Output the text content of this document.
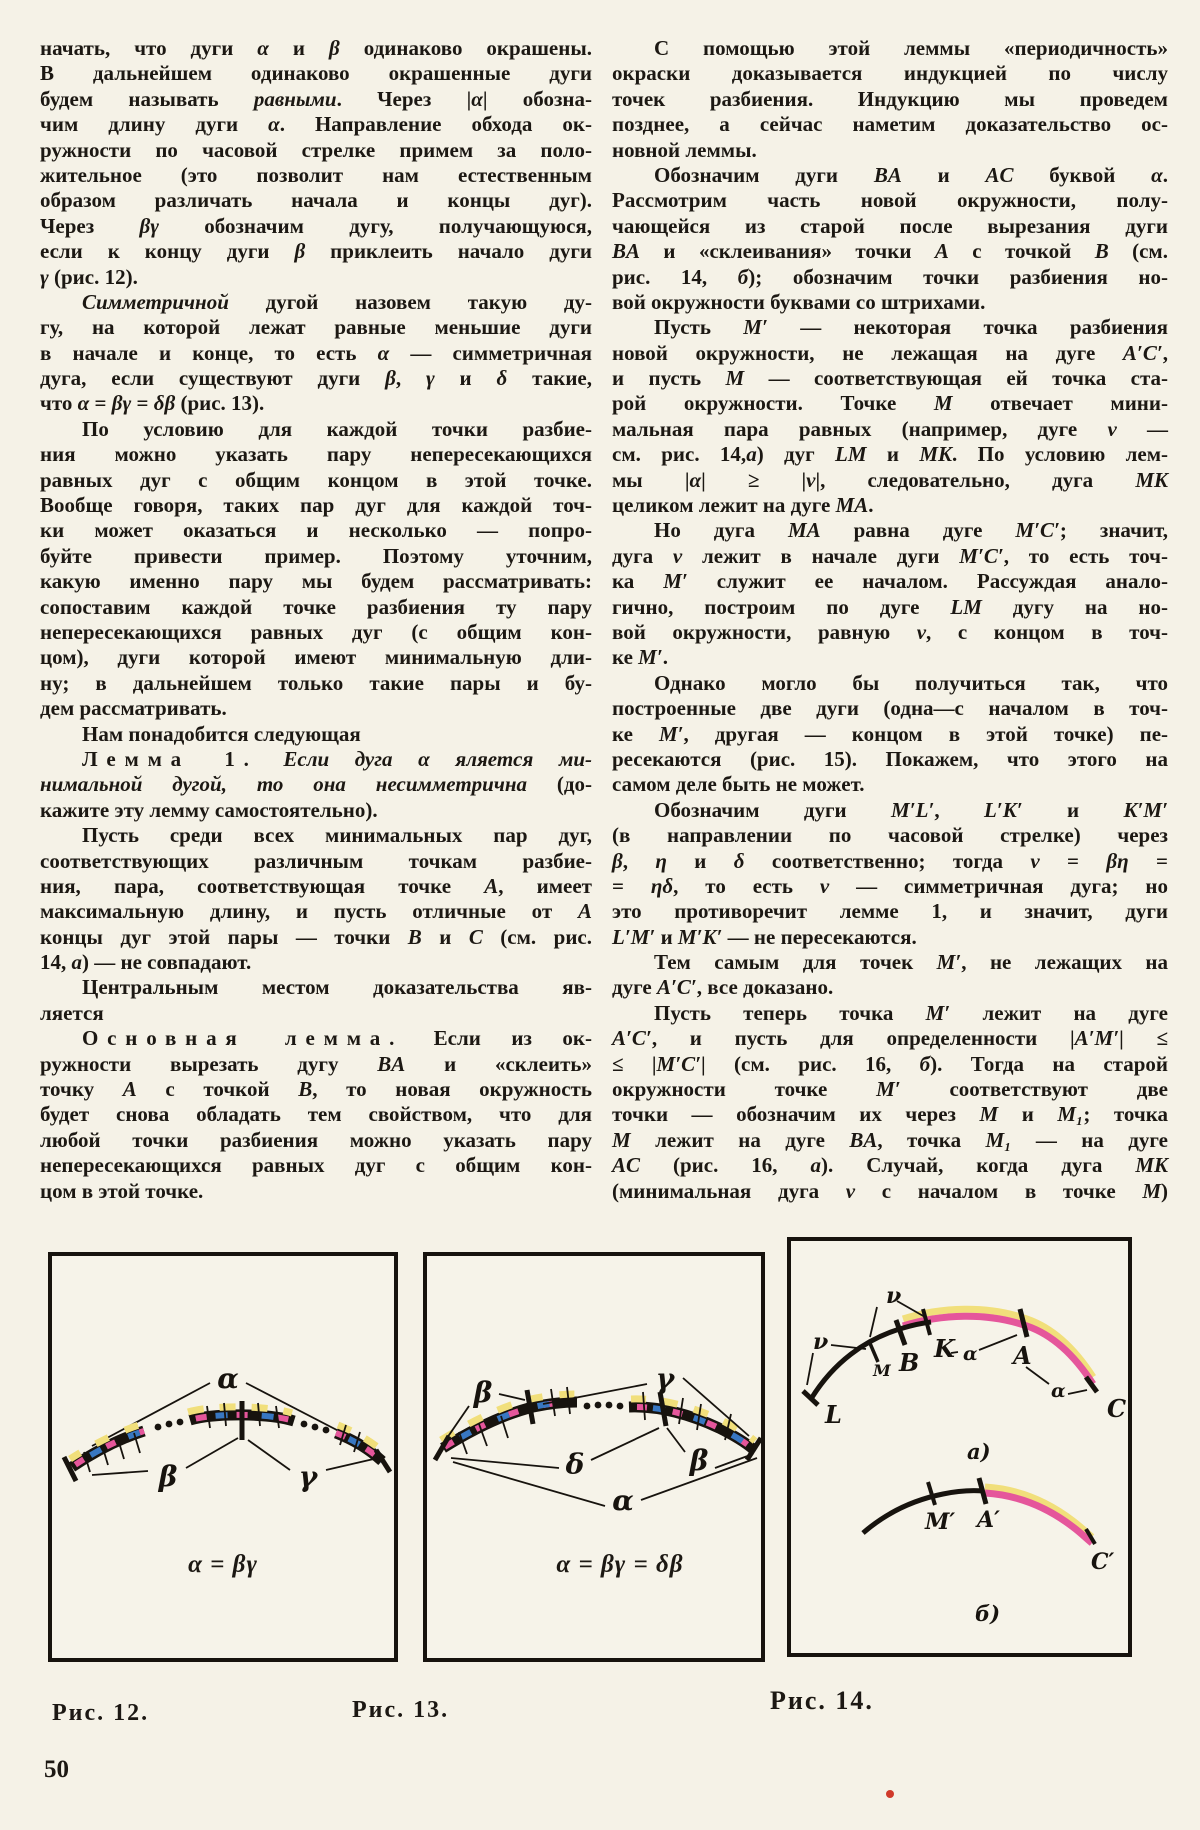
начать, что дуги α и β одинаково окрашены.
В дальнейшем одинаково окрашенные дуги
будем называть равными. Через |α| обозна-
чим длину дуги α. Направление обхода ок-
ружности по часовой стрелке примем за поло-
жительное (это позволит нам естественным
образом различать начала и концы дуг).
Через βγ обозначим дугу, получающуюся,
если к концу дуги β приклеить начало дуги
γ (рис. 12).
Симметричной дугой назовем такую ду-
гу, на которой лежат равные меньшие дуги
в начале и конце, то есть α — симметричная
дуга, если существуют дуги β, γ и δ такие,
что α = βγ = δβ (рис. 13).
По условию для каждой точки разбие-
ния можно указать пару непересекающихся
равных дуг с общим концом в этой точке.
Вообще говоря, таких пар дуг для каждой точ-
ки может оказаться и несколько — попро-
буйте привести пример. Поэтому уточним,
какую именно пару мы будем рассматривать:
сопоставим каждой точке разбиения ту пару
непересекающихся равных дуг (с общим кон-
цом), дуги которой имеют минимальную дли-
ну; в дальнейшем только такие пары и бу-
дем рассматривать.
Нам понадобится следующая
Лемма 1. Если дуга α яляется ми-
нимальной дугой, то она несимметрична (до-
кажите эту лемму самостоятельно).
Пусть среди всех минимальных пар дуг,
соответствующих различным точкам разбие-
ния, пара, соответствующая точке A, имеет
максимальную длину, и пусть отличные от A
концы дуг этой пары — точки B и C (см. рис.
14, а) — не совпадают.
Центральным местом доказательства яв-
ляется
Основная лемма. Если из ок-
ружности вырезать дугу BA и «склеить»
точку A с точкой B, то новая окружность
будет снова обладать тем свойством, что для
любой точки разбиения можно указать пару
непересекающихся равных дуг с общим кон-
цом в этой точке.
С помощью этой леммы «периодичность»
окраски доказывается индукцией по числу
точек разбиения. Индукцию мы проведем
позднее, а сейчас наметим доказательство ос-
новной леммы.
Обозначим дуги BA и AC буквой α.
Рассмотрим часть новой окружности, полу-
чающейся из старой после вырезания дуги
BA и «склеивания» точки A с точкой B (см.
рис. 14, б); обозначим точки разбиения но-
вой окружности буквами со штрихами.
Пусть M′ — некоторая точка разбиения
новой окружности, не лежащая на дуге A′C′,
и пусть M — соответствующая ей точка ста-
рой окружности. Точке M отвечает мини-
мальная пара равных (например, дуге ν —
см. рис. 14,а) дуг LM и MK. По условию лем-
мы |α| ≥ |ν|, следовательно, дуга MK
целиком лежит на дуге MA.
Но дуга MA равна дуге M′C′; значит,
дуга ν лежит в начале дуги M′C′, то есть точ-
ка M′ служит ее началом. Рассуждая анало-
гично, построим по дуге LM дугу на но-
вой окружности, равную ν, с концом в точ-
ке M′.
Однако могло бы получиться так, что
построенные две дуги (одна—с началом в точ-
ке M′, другая — концом в этой точке) пе-
ресекаются (рис. 15). Покажем, что этого на
самом деле быть не может.
Обозначим дуги M′L′, L′K′ и K′M′
(в направлении по часовой стрелке) через
β, η и δ соответственно; тогда ν = βη =
= ηδ, то есть ν — симметричная дуга; но
это противоречит лемме 1, и значит, дуги
L′M′ и M′K′ — не пересекаются.
Тем самым для точек M′, не лежащих на
дуге A′C′, все доказано.
Пусть теперь точка M′ лежит на дуге
A′C′, и пусть для определенности |A′M′| ≤
≤ |M′C′| (см. рис. 16, б). Тогда на старой
окружности точке M′ соответствуют две
точки — обозначим их через M и M₁; точка
M лежит на дуге BA, точка M₁ — на дуге
AC (рис. 16, а). Случай, когда дуга MK
(минимальная дуга ν с началом в точке M)
α
β	γ
α = βγ
β	γ
δ	β
α
α = βγ = δβ
ν
ν
L
M B K α A
α
C
а)
M′ A′
C′
б)
Рис. 12.	Рис. 13.	Рис. 14.
50
